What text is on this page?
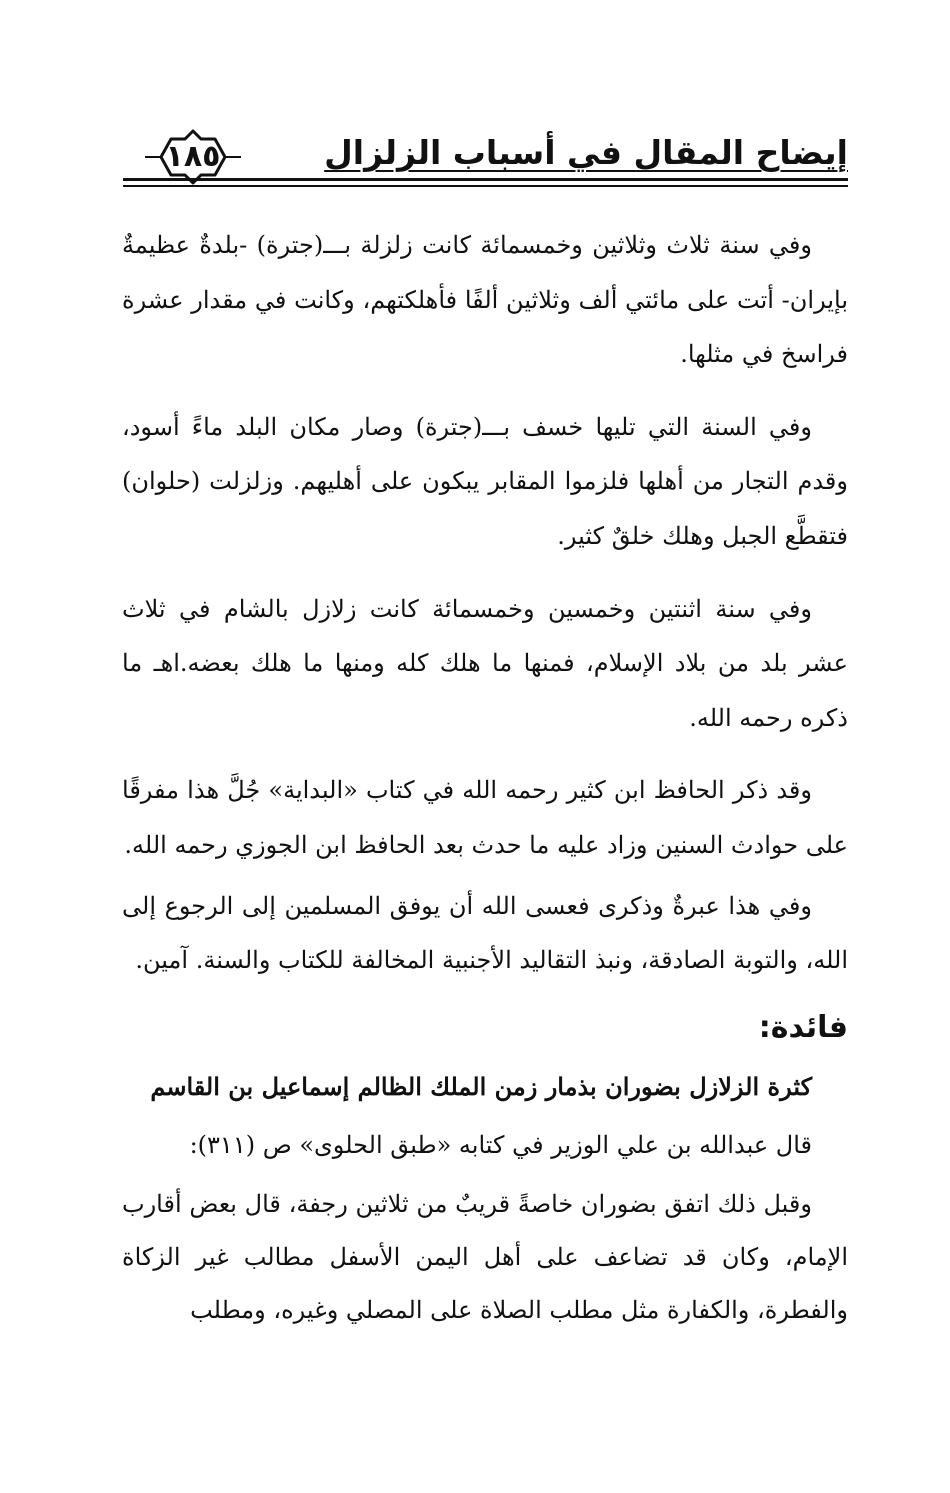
إيضاح المقال في أسباب الزلزال
١٨٥

وفي سنة ثلاث وثلاثين وخمسمائة كانت زلزلة بـــ(جترة) -بلدةٌ عظيمةٌ بإيران- أتت على مائتي ألف وثلاثين ألفًا فأهلكتهم، وكانت في مقدار عشرة فراسخ في مثلها.

وفي السنة التي تليها خسف بـــ(جترة) وصار مكان البلد ماءً أسود، وقدم التجار من أهلها فلزموا المقابر يبكون على أهليهم. وزلزلت (حلوان) فتقطَّع الجبل وهلك خلقٌ كثير.

وفي سنة اثنتين وخمسين وخمسمائة كانت زلازل بالشام في ثلاث عشر بلد من بلاد الإسلام، فمنها ما هلك كله ومنها ما هلك بعضه.اهـ ما ذكره رحمه الله.

وقد ذكر الحافظ ابن كثير رحمه الله في كتاب «البداية» جُلَّ هذا مفرقًا على حوادث السنين وزاد عليه ما حدث بعد الحافظ ابن الجوزي رحمه الله.

وفي هذا عبرةٌ وذكرى فعسى الله أن يوفق المسلمين إلى الرجوع إلى الله، والتوبة الصادقة، ونبذ التقاليد الأجنبية المخالفة للكتاب والسنة. آمين.

فائدة:
كثرة الزلازل بضوران بذمار زمن الملك الظالم إسماعيل بن القاسم
قال عبدالله بن علي الوزير في كتابه «طبق الحلوى» ص (٣١١):
وقبل ذلك اتفق بضوران خاصةً قريبٌ من ثلاثين رجفة، قال بعض أقارب الإمام، وكان قد تضاعف على أهل اليمن الأسفل مطالب غير الزكاة والفطرة، والكفارة مثل مطلب الصلاة على المصلي وغيره، ومطلب
